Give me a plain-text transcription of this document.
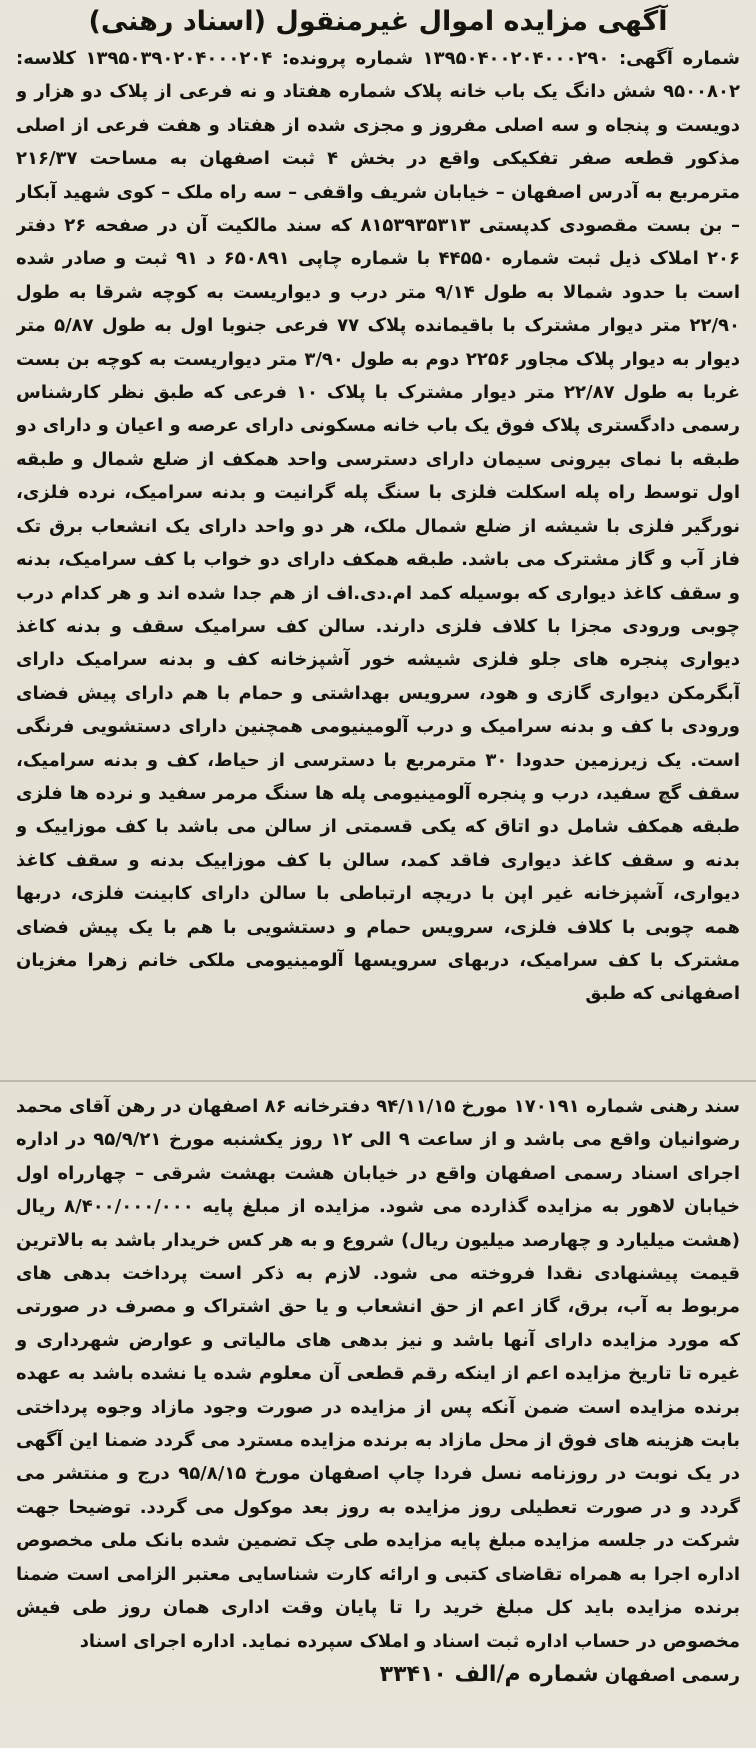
آگهی مزایده اموال غیرمنقول (اسناد رهنی)

شماره آگهی: ۱۳۹۵۰۴۰۰۲۰۴۰۰۰۲۹۰ شماره پرونده: ۱۳۹۵۰۳۹۰۲۰۴۰۰۰۲۰۴ کلاسه: ۹۵۰۰۸۰۲ شش دانگ یک باب خانه پلاک شماره هفتاد و نه فرعی از پلاک دو هزار و دویست و پنجاه و سه اصلی مفروز و مجزی شده از هفتاد و هفت فرعی از اصلی مذکور قطعه صفر تفکیکی واقع در بخش ۴ ثبت اصفهان به مساحت ۲۱۶/۳۷ مترمربع به آدرس اصفهان – خیابان شریف واقفی – سه راه ملک – کوی شهید آبکار – بن بست مقصودی کدپستی ۸۱۵۳۹۳۵۳۱۳ که سند مالکیت آن در صفحه ۲۶ دفتر ۲۰۶ املاک ذیل ثبت شماره ۴۴۵۵۰ با شماره چاپی ۶۵۰۸۹۱ د ۹۱ ثبت و صادر شده است با حدود شمالا به طول ۹/۱۴ متر درب و دیواریست به کوچه شرقا به طول ۲۲/۹۰ متر دیوار مشترک با باقیمانده پلاک ۷۷ فرعی جنوبا اول به طول ۵/۸۷ متر دیوار به دیوار پلاک مجاور ۲۲۵۶ دوم به طول ۳/۹۰ متر دیواریست به کوچه بن بست غربا به طول ۲۲/۸۷ متر دیوار مشترک با پلاک ۱۰ فرعی که طبق نظر کارشناس رسمی دادگستری پلاک فوق یک باب خانه مسکونی دارای عرصه و اعیان و دارای دو طبقه با نمای بیرونی سیمان دارای دسترسی واحد همکف از ضلع شمال و طبقه اول توسط راه پله اسکلت فلزی با سنگ پله گرانیت و بدنه سرامیک، نرده فلزی، نورگیر فلزی با شیشه از ضلع شمال ملک، هر دو واحد دارای یک انشعاب برق تک فاز آب و گاز مشترک می باشد. طبقه همکف دارای دو خواب با کف سرامیک، بدنه و سقف کاغذ دیواری که بوسیله کمد ام.دی.اف از هم جدا شده اند و هر کدام درب چوبی ورودی مجزا با کلاف فلزی دارند. سالن کف سرامیک سقف و بدنه کاغذ دیواری پنجره های جلو فلزی شیشه خور آشپزخانه کف و بدنه سرامیک دارای آبگرمکن دیواری گازی و هود، سرویس بهداشتی و حمام با هم دارای پیش فضای ورودی با کف و بدنه سرامیک و درب آلومینیومی همچنین دارای دستشویی فرنگی است. یک زیرزمین حدودا ۳۰ مترمربع با دسترسی از حیاط، کف و بدنه سرامیک، سقف گچ سفید، درب و پنجره آلومینیومی پله ها سنگ مرمر سفید و نرده ها فلزی طبقه همکف شامل دو اتاق که یکی قسمتی از سالن می باشد با کف موزاییک و بدنه و سقف کاغذ دیواری فاقد کمد، سالن با کف موزاییک بدنه و سقف کاغذ دیواری، آشپزخانه غیر اپن با دریچه ارتباطی با سالن دارای کابینت فلزی، دربها همه چوبی با کلاف فلزی، سرویس حمام و دستشویی با هم با یک پیش فضای مشترک با کف سرامیک، دربهای سرویسها آلومینیومی ملکی خانم زهرا مغزیان اصفهانی که طبق

سند رهنی شماره ۱۷۰۱۹۱ مورخ ۹۴/۱۱/۱۵ دفترخانه ۸۶ اصفهان در رهن آقای محمد رضوانیان واقع می باشد و از ساعت ۹ الی ۱۲ روز یکشنبه مورخ ۹۵/۹/۲۱ در اداره اجرای اسناد رسمی اصفهان واقع در خیابان هشت بهشت شرقی – چهارراه اول خیابان لاهور به مزایده گذارده می شود. مزایده از مبلغ پایه ۸/۴۰۰/۰۰۰/۰۰۰ ریال (هشت میلیارد و چهارصد میلیون ریال) شروع و به هر کس خریدار باشد به بالاترین قیمت پیشنهادی نقدا فروخته می شود. لازم به ذکر است پرداخت بدهی های مربوط به آب، برق، گاز اعم از حق انشعاب و یا حق اشتراک و مصرف در صورتی که مورد مزایده دارای آنها باشد و نیز بدهی های مالیاتی و عوارض شهرداری و غیره تا تاریخ مزایده اعم از اینکه رقم قطعی آن معلوم شده یا نشده باشد به عهده برنده مزایده است ضمن آنکه پس از مزایده در صورت وجود مازاد وجوه پرداختی بابت هزینه های فوق از محل مازاد به برنده مزایده مسترد می گردد ضمنا این آگهی در یک نوبت در روزنامه نسل فردا چاپ اصفهان مورخ ۹۵/۸/۱۵ درج و منتشر می گردد و در صورت تعطیلی روز مزایده به روز بعد موکول می گردد. توضیحا جهت شرکت در جلسه مزایده مبلغ پایه مزایده طی چک تضمین شده بانک ملی مخصوص اداره اجرا به همراه تقاضای کتبی و ارائه کارت شناسایی معتبر الزامی است ضمنا برنده مزایده باید کل مبلغ خرید را تا پایان وقت اداری همان روز طی فیش مخصوص در حساب اداره ثبت اسناد و املاک سپرده نماید. اداره اجرای اسناد

رسمی اصفهان شماره م/الف ۳۳۴۱۰
